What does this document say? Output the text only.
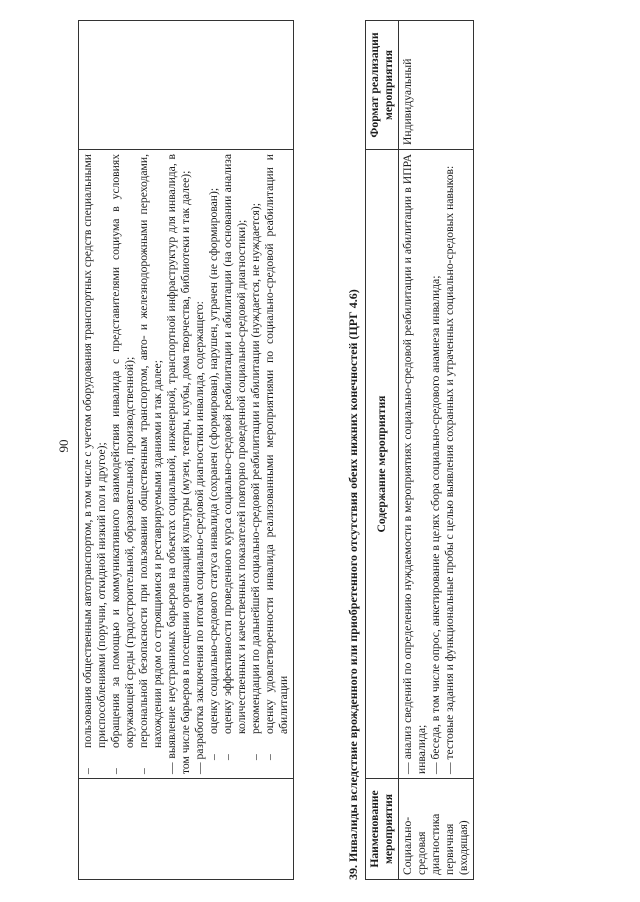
90

–
пользования общественным автотранспортом, в том числе с учетом оборудования транспортных средств специальными приспособлениями (поручни, откидной низкий пол и другое);
–
обращения за помощью и коммуникативного взаимодействия инвалида с представителями социума в условиях окружающей среды (градостроительной, образовательной, производственной);
–
персональной безопасности при пользовании общественным транспортом, авто- и железнодорожными переходами, нахождении рядом со строящимися и реставрируемыми зданиями и так далее; — выявление неустранимых барьеров на объектах социальной, инженерной, транспортной инфраструктур для инвалида, в том числе барьеров в посещении организаций культуры (музеи, театры, клубы, дома творчества, библиотеки и так далее); — разработка заключения по итогам социально-средовой диагностики инвалида, содержащего: –
оценку социально-средового статуса инвалида (сохранен (сформирован), нарушен, утрачен (не сформирован);
–
оценку эффективности проведенного курса социально-средовой реабилитации и абилитации (на основании анализа количественных и качественных показателей повторно проведенной социально-средовой диагностики);
–
рекомендации по дальнейшей социально-средовой реабилитации и абилитации (нуждается, не нуждается);
–
оценку удовлетворенности инвалида реализованными мероприятиями по социально-средовой реабилитации и абилитации
		39. Инвалиды вследствие врожденного или приобретенного отсутствия обеих нижних конечностей (ЦРГ 4.6) Наименование мероприятия	Содержание мероприятия	Формат реализации мероприятия
Социально-средовая диагностика первичная (входящая)	— анализ сведений по определению нуждаемости в мероприятиях социально-средовой реабилитации и абилитации в ИПРА инвалида; — беседа, в том числе опрос, анкетирование в целях сбора социально-средового анамнеза инвалида; — тестовые задания и функциональные пробы с целью выявления сохранных и утраченных социально-средовых навыков:	Индивидуальный
